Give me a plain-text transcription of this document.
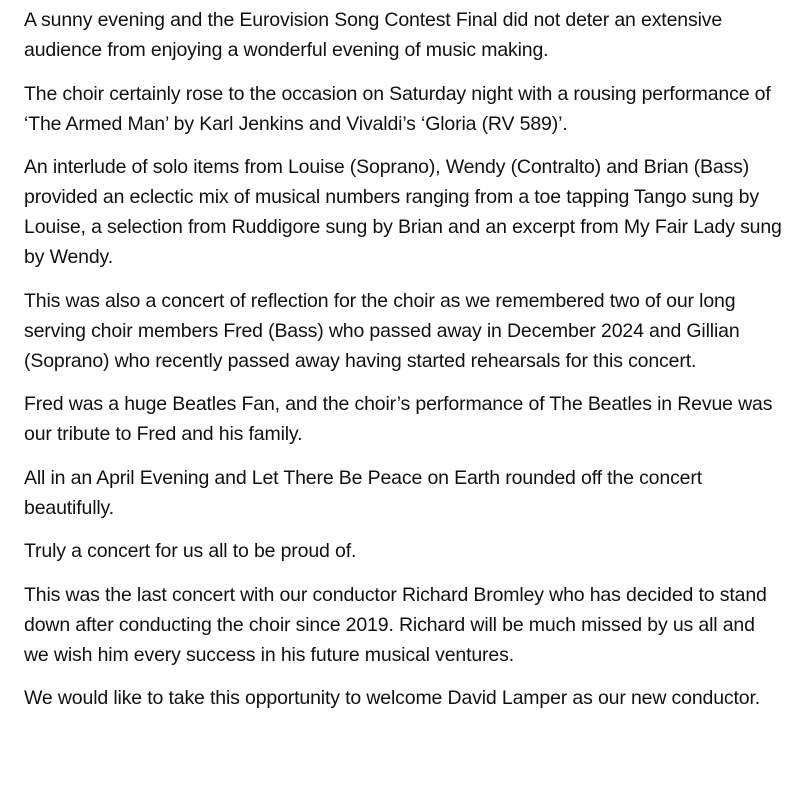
A sunny evening and the Eurovision Song Contest Final did not deter an extensive audience from enjoying a wonderful evening of music making.

The choir certainly rose to the occasion on Saturday night with a rousing performance of ‘The Armed Man’ by Karl Jenkins and Vivaldi’s ‘Gloria (RV 589)’.

An interlude of solo items from Louise (Soprano), Wendy (Contralto) and Brian (Bass) provided an eclectic mix of musical numbers ranging from a toe tapping Tango sung by Louise, a selection from Ruddigore sung by Brian and an excerpt from My Fair Lady sung by Wendy.

This was also a concert of reflection for the choir as we remembered two of our long serving choir members Fred (Bass) who passed away in December 2024 and Gillian (Soprano) who recently passed away having started rehearsals for this concert.

Fred was a huge Beatles Fan, and the choir’s performance of The Beatles in Revue was our tribute to Fred and his family.

All in an April Evening and Let There Be Peace on Earth rounded off the concert beautifully.

Truly a concert for us all to be proud of.

This was the last concert with our conductor Richard Bromley who has decided to stand down after conducting the choir since 2019. Richard will be much missed by us all and we wish him every success in his future musical ventures.

We would like to take this opportunity to welcome David Lamper as our new conductor.
